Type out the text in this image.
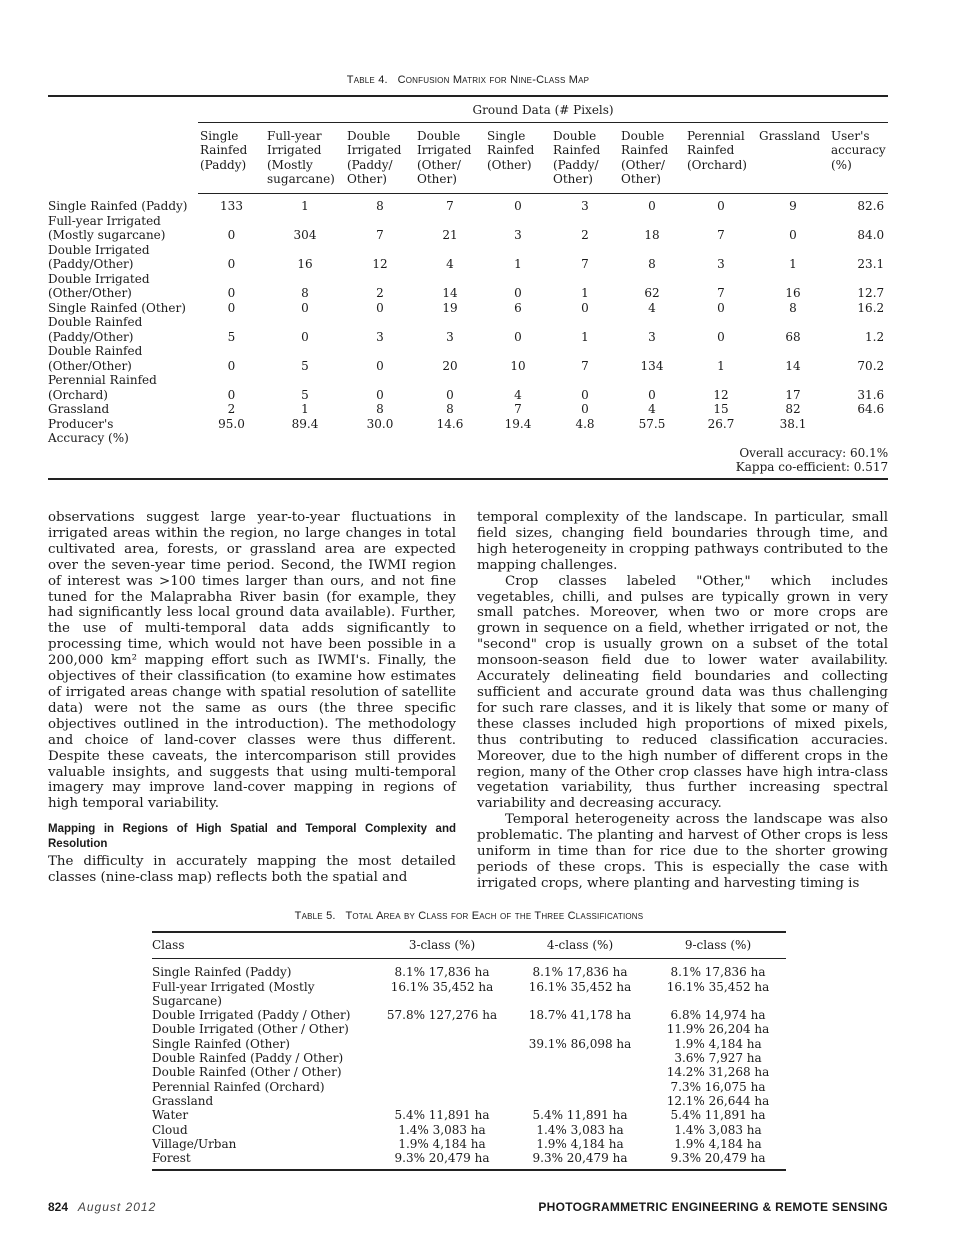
Table 4. Confusion Matrix for Nine-Class Map
	Ground Data (# Pixels)									
	Single
Rainfed
(Paddy)	Full-year
Irrigated
(Mostly
sugarcane)	Double
Irrigated
(Paddy/
Other)	Double
Irrigated
(Other/
Other)	Single
Rainfed
(Other)	Double
Rainfed
(Paddy/
Other)	Double
Rainfed
(Other/
Other)	Perennial
Rainfed
(Orchard)	Grassland	User's
accuracy
(%)
Single Rainfed (Paddy)	133	1	8	7	0	3	0	0	9	82.6
Full-year Irrigated
(Mostly sugarcane)	0	304	7	21	3	2	18	7	0	84.0
Double Irrigated
(Paddy/Other)	0	16	12	4	1	7	8	3	1	23.1
Double Irrigated
(Other/Other)	0	8	2	14	0	1	62	7	16	12.7
Single Rainfed (Other)	0	0	0	19	6	0	4	0	8	16.2
Double Rainfed
(Paddy/Other)	5	0	3	3	0	1	3	0	68	1.2
Double Rainfed
(Other/Other)	0	5	0	20	10	7	134	1	14	70.2
Perennial Rainfed
(Orchard)	0	5	0	0	4	0	0	12	17	31.6
Grassland	2	1	8	8	7	0	4	15	82	64.6
Producer's
Accuracy (%)	95.0	89.4	30.0	14.6	19.4	4.8	57.5	26.7	38.1	
	Overall accuracy: 60.1%
Kappa co-efficient: 0.517									

observations suggest large year-to-year fluctuations in irrigated areas within the region, no large changes in total cultivated area, forests, or grassland area are expected over the seven-year time period. Second, the IWMI region of interest was >100 times larger than ours, and not fine tuned for the Malaprabha River basin (for example, they had significantly less local ground data available). Further, the use of multi-temporal data adds significantly to processing time, which would not have been possible in a 200,000 km² mapping effort such as IWMI's. Finally, the objectives of their classification (to examine how estimates of irrigated areas change with spatial resolution of satellite data) were not the same as ours (the three specific objectives outlined in the introduction). The methodology and choice of land-cover classes were thus different. Despite these caveats, the intercomparison still provides valuable insights, and suggests that using multi-temporal imagery may improve land-cover mapping in regions of high temporal variability.

Mapping in Regions of High Spatial and Temporal Complexity and Resolution

The difficulty in accurately mapping the most detailed classes (nine-class map) reflects both the spatial and

temporal complexity of the landscape. In particular, small field sizes, changing field boundaries through time, and high heterogeneity in cropping pathways contributed to the mapping challenges.

Crop classes labeled "Other," which includes vegetables, chilli, and pulses are typically grown in very small patches. Moreover, when two or more crops are grown in sequence on a field, whether irrigated or not, the "second" crop is usually grown on a subset of the total monsoon-season field due to lower water availability. Accurately delineating field boundaries and collecting sufficient and accurate ground data was thus challenging for such rare classes, and it is likely that some or many of these classes included high proportions of mixed pixels, thus contributing to reduced classification accuracies. Moreover, due to the high number of different crops in the region, many of the Other crop classes have high intra-class vegetation variability, thus further increasing spectral variability and decreasing accuracy.

Temporal heterogeneity across the landscape was also problematic. The planting and harvest of Other crops is less uniform in time than for rice due to the shorter growing periods of these crops. This is especially the case with irrigated crops, where planting and harvesting timing is

Table 5. Total Area by Class for Each of the Three Classifications
Class	3-class (%)	4-class (%)	9-class (%)
Single Rainfed (Paddy)	8.1% 17,836 ha	8.1% 17,836 ha	8.1% 17,836 ha
Full-year Irrigated (Mostly
Sugarcane)	16.1% 35,452 ha	16.1% 35,452 ha	16.1% 35,452 ha
Double Irrigated (Paddy / Other)	57.8% 127,276 ha	18.7% 41,178 ha	6.8% 14,974 ha
Double Irrigated (Other / Other)			11.9% 26,204 ha
Single Rainfed (Other)		39.1% 86,098 ha	1.9% 4,184 ha
Double Rainfed (Paddy / Other)			3.6% 7,927 ha
Double Rainfed (Other / Other)			14.2% 31,268 ha
Perennial Rainfed (Orchard)			7.3% 16,075 ha
Grassland			12.1% 26,644 ha
Water	5.4% 11,891 ha	5.4% 11,891 ha	5.4% 11,891 ha
Cloud	1.4% 3,083 ha	1.4% 3,083 ha	1.4% 3,083 ha
Village/Urban	1.9% 4,184 ha	1.9% 4,184 ha	1.9% 4,184 ha
Forest	9.3% 20,479 ha	9.3% 20,479 ha	9.3% 20,479 ha
824 August 2012	PHOTOGRAMMETRIC ENGINEERING & REMOTE SENSING
